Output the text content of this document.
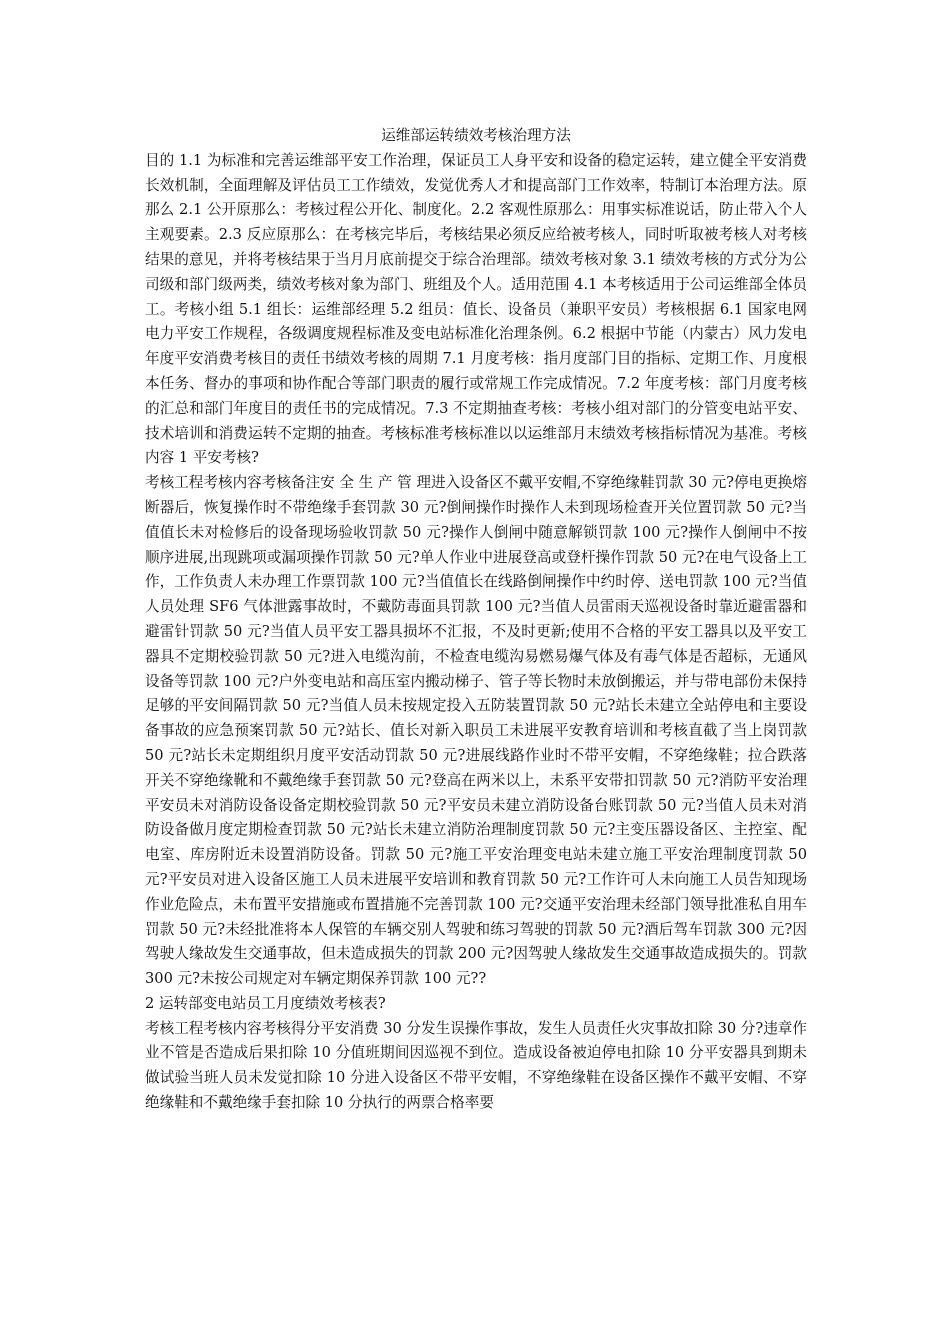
运维部运转绩效考核治理方法

目的 1.1 为标准和完善运维部平安工作治理，保证员工人身平安和设备的稳定运转，建立健全平安消费长效机制，全面理解及评估员工工作绩效，发觉优秀人才和提高部门工作效率，特制订本治理方法。原那么 2.1 公开原那么：考核过程公开化、制度化。2.2 客观性原那么：用事实标准说话，防止带入个人主观要素。2.3 反应原那么：在考核完毕后，考核结果必须反应给被考核人，同时听取被考核人对考核结果的意见，并将考核结果于当月月底前提交于综合治理部。绩效考核对象 3.1 绩效考核的方式分为公司级和部门级两类，绩效考核对象为部门、班组及个人。适用范围 4.1 本考核适用于公司运维部全体员工。考核小组 5.1 组长：运维部经理 5.2 组员：值长、设备员（兼职平安员）考核根据 6.1 国家电网电力平安工作规程，各级调度规程标准及变电站标准化治理条例。6.2 根据中节能（内蒙古）风力发电年度平安消费考核目的责任书绩效考核的周期 7.1 月度考核：指月度部门目的指标、定期工作、月度根本任务、督办的事项和协作配合等部门职责的履行或常规工作完成情况。7.2 年度考核：部门月度考核的汇总和部门年度目的责任书的完成情况。7.3 不定期抽查考核：考核小组对部门的分管变电站平安、技术培训和消费运转不定期的抽查。考核标准考核标准以以运维部月末绩效考核指标情况为基准。考核内容 1 平安考核?

考核工程考核内容考核备注安 全 生 产 管 理进入设备区不戴平安帽,不穿绝缘鞋罚款 30 元?停电更换熔断器后，恢复操作时不带绝缘手套罚款 30 元?倒闸操作时操作人未到现场检查开关位置罚款 50 元?当值值长未对检修后的设备现场验收罚款 50 元?操作人倒闸中随意解锁罚款 100 元?操作人倒闸中不按顺序进展,出现跳项或漏项操作罚款 50 元?单人作业中进展登高或登杆操作罚款 50 元?在电气设备上工作，工作负责人未办理工作票罚款 100 元?当值值长在线路倒闸操作中约时停、送电罚款 100 元?当值人员处理 SF6 气体泄露事故时，不戴防毒面具罚款 100 元?当值人员雷雨天巡视设备时靠近避雷器和避雷针罚款 50 元?当值人员平安工器具损坏不汇报，不及时更新;使用不合格的平安工器具以及平安工器具不定期校验罚款 50 元?进入电缆沟前，不检查电缆沟易燃易爆气体及有毒气体是否超标，无通风设备等罚款 100 元?户外变电站和高压室内搬动梯子、管子等长物时未放倒搬运，并与带电部份未保持足够的平安间隔罚款 50 元?当值人员未按规定投入五防装置罚款 50 元?站长未建立全站停电和主要设备事故的应急预案罚款 50 元?站长、值长对新入职员工未进展平安教育培训和考核直截了当上岗罚款 50 元?站长未定期组织月度平安活动罚款 50 元?进展线路作业时不带平安帽，不穿绝缘鞋；拉合跌落开关不穿绝缘靴和不戴绝缘手套罚款 50 元?登高在两米以上，未系平安带扣罚款 50 元?消防平安治理平安员未对消防设备设备定期校验罚款 50 元?平安员未建立消防设备台账罚款 50 元?当值人员未对消防设备做月度定期检查罚款 50 元?站长未建立消防治理制度罚款 50 元?主变压器设备区、主控室、配电室、库房附近未设置消防设备。罚款 50 元?施工平安治理变电站未建立施工平安治理制度罚款 50 元?平安员对进入设备区施工人员未进展平安培训和教育罚款 50 元?工作许可人未向施工人员告知现场作业危险点，未布置平安措施或布置措施不完善罚款 100 元?交通平安治理未经部门领导批准私自用车罚款 50 元?未经批准将本人保管的车辆交别人驾驶和练习驾驶的罚款 50 元?酒后驾车罚款 300 元?因驾驶人缘故发生交通事故，但未造成损失的罚款 200 元?因驾驶人缘故发生交通事故造成损失的。罚款 300 元?未按公司规定对车辆定期保养罚款 100 元??

2 运转部变电站员工月度绩效考核表?

考核工程考核内容考核得分平安消费 30 分发生误操作事故，发生人员责任火灾事故扣除 30 分?违章作业不管是否造成后果扣除 10 分值班期间因巡视不到位。造成设备被迫停电扣除 10 分平安器具到期未做试验当班人员未发觉扣除 10 分进入设备区不带平安帽，不穿绝缘鞋在设备区操作不戴平安帽、不穿绝缘鞋和不戴绝缘手套扣除 10 分执行的两票合格率要
